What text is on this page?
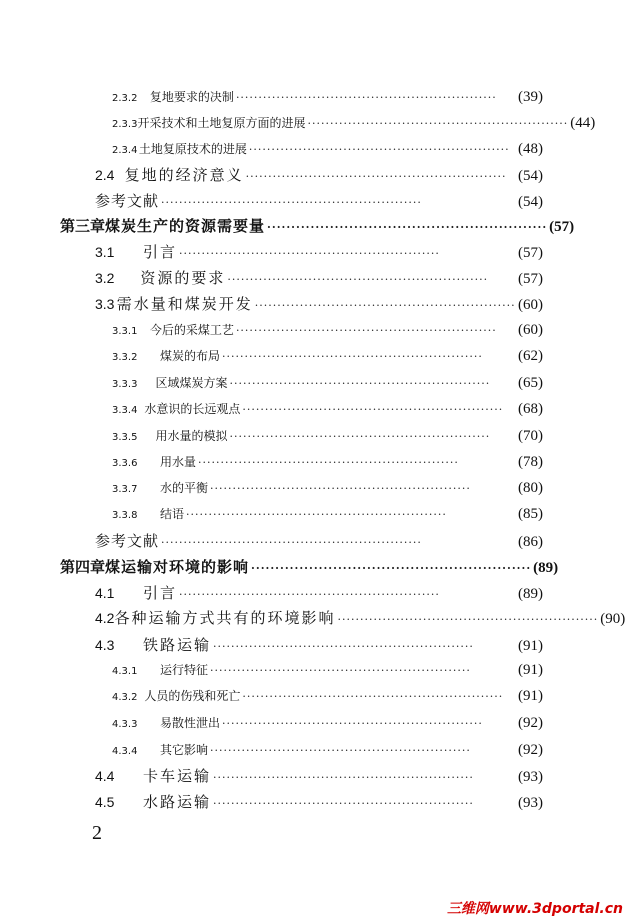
2.3.2	复地要求的决制 ··························································	(39)
2.3.3 开采技术和土地复原方面的进展 ·························································· (44)
2.3.4 土地复原技术的进展 ·························································· (48)
2.4 复地的经济意义 ·························································· (54)
参考文献 ··························································	(54)
第三章 煤炭生产的资源需要量 ·························································· (57)
3.1	引言 ··························································	(57)
3.2	资源的要求 ··························································	(57)
3.3 需水量和煤炭开发 ·························································· (60)
3.3.1	今后的采煤工艺 ··························································	(60)
3.3.2	煤炭的布局 ··························································	(62)
3.3.3	区域煤炭方案 ··························································	(65)
3.3.4 水意识的长远观点 ·························································· (68)
3.3.5	用水量的模拟 ··························································	(70)
3.3.6	用水量 ··························································	(78)
3.3.7	水的平衡 ··························································	(80)
3.3.8	结语 ··························································	(85)
参考文献 ··························································	(86)
第四章 煤运输对环境的影响 ·························································· (89)
4.1	引言 ··························································	(89)
4.2 各种运输方式共有的环境影响 ·························································· (90)
4.3	铁路运输 ··························································	(91)
4.3.1	运行特征 ··························································	(91)
4.3.2 人员的伤残和死亡 ·························································· (91)
4.3.3	易散性泄出 ··························································	(92)
4.3.4	其它影响 ··························································	(92)
4.4	卡车运输 ··························································	(93)
4.5	水路运输 ··························································	(93)
2
三维网www.3dportal.cn
